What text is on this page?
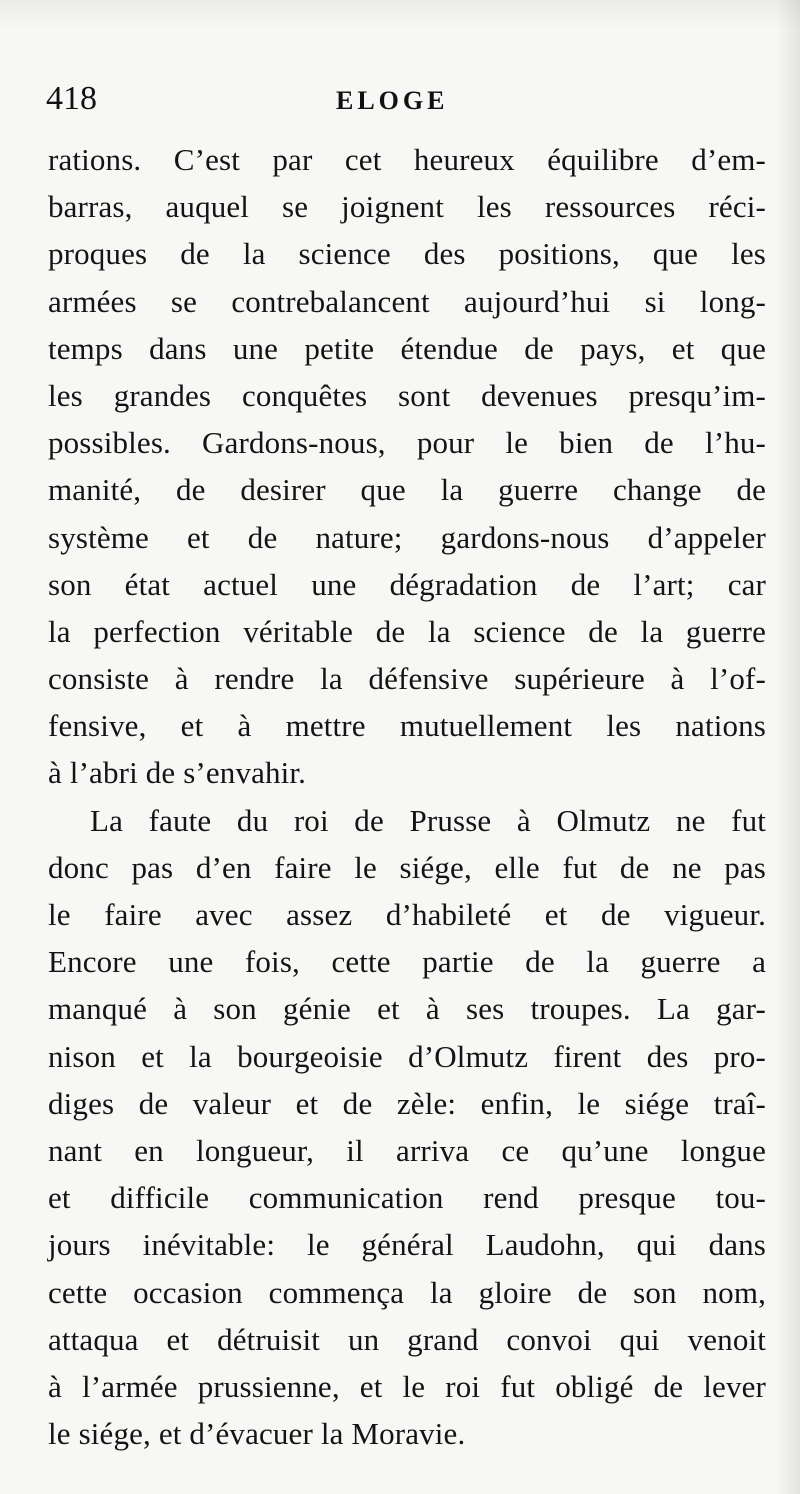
418	ELOGE
rations. C’est par cet heureux équilibre d’em-
barras, auquel se joignent les ressources réci-
proques de la science des positions, que les
armées se contrebalancent aujourd’hui si long-
temps dans une petite étendue de pays, et que
les grandes conquêtes sont devenues presqu’im-
possibles. Gardons-nous, pour le bien de l’hu-
manité, de desirer que la guerre change de
système et de nature; gardons-nous d’appeler
son état actuel une dégradation de l’art; car
la perfection véritable de la science de la guerre
consiste à rendre la défensive supérieure à l’of-
fensive, et à mettre mutuellement les nations
à l’abri de s’envahir.
La faute du roi de Prusse à Olmutz ne fut
donc pas d’en faire le siége, elle fut de ne pas
le faire avec assez d’habileté et de vigueur.
Encore une fois, cette partie de la guerre a
manqué à son génie et à ses troupes. La gar-
nison et la bourgeoisie d’Olmutz firent des pro-
diges de valeur et de zèle: enfin, le siége traî-
nant en longueur, il arriva ce qu’une longue
et difficile communication rend presque tou-
jours inévitable: le général Laudohn, qui dans
cette occasion commença la gloire de son nom,
attaqua et détruisit un grand convoi qui venoit
à l’armée prussienne, et le roi fut obligé de lever
le siége, et d’évacuer la Moravie.
